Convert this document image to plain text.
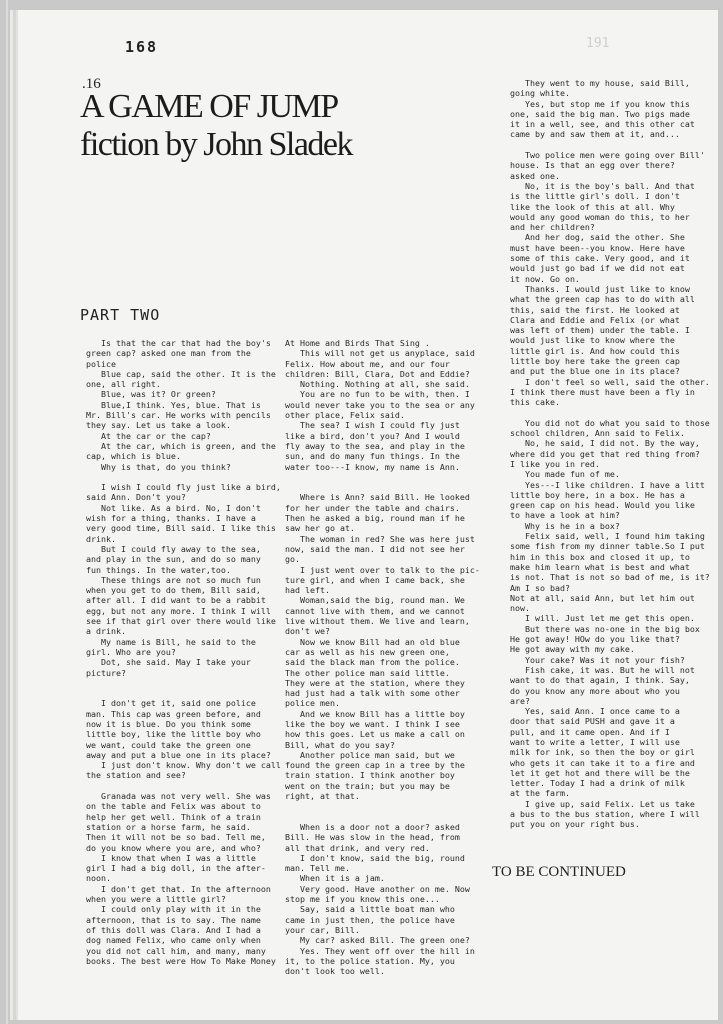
191
168
.16
A GAME OF JUMP
fiction by John Sladek
PART TWO
Is that the car that had the boy's
green cap? asked one man from the
police
Blue cap, said the other. It is the
one, all right.
Blue, was it? Or green?
Blue,I think. Yes, blue. That is
Mr. Bill's car. He works with pencils
they say. Let us take a look.
At the car or the cap?
At the car, which is green, and the
cap, which is blue.
Why is that, do you think?

I wish I could fly just like a bird,
said Ann. Don't you?
Not like. As a bird. No, I don't
wish for a thing, thanks. I have a
very good time, Bill said. I like this
drink.
But I could fly away to the sea,
and play in the sun, and do so many
fun things. In the water,too.
These things are not so much fun
when you get to do them, Bill said,
after all. I did want to be a rabbit
egg, but not any more. I think I will
see if that girl over there would like
a drink.
My name is Bill, he said to the
girl. Who are you?
Dot, she said. May I take your
picture?

I don't get it, said one police
man. This cap was green before, and
now it is blue. Do you think some
little boy, like the little boy who
we want, could take the green one
away and put a blue one in its place?
I just don't know. Why don't we call
the station and see?

Granada was not very well. She was
on the table and Felix was about to
help her get well. Think of a train
station or a horse farm, he said.
Then it will not be so bad. Tell me,
do you know where you are, and who?
I know that when I was a little
girl I had a big doll, in the after-
noon.
I don't get that. In the afternoon
when you were a little girl?
I could only play with it in the
afternoon, that is to say. The name
of this doll was Clara. And I had a
dog named Felix, who came only when
you did not call him, and many, many
books. The best were How To Make Money
At Home and Birds That Sing .
This will not get us anyplace, said
Felix. How about me, and our four
children: Bill, Clara, Dot and Eddie?
Nothing. Nothing at all, she said.
You are no fun to be with, then. I
would never take you to the sea or any
other place, Felix said.
The sea? I wish I could fly just
like a bird, don't you? And I would
fly away to the sea, and play in the
sun, and do many fun things. In the
water too---I know, my name is Ann.

Where is Ann? said Bill. He looked
for her under the table and chairs.
Then he asked a big, round man if he
saw her go at.
The woman in red? She was here just
now, said the man. I did not see her
go.
I just went over to talk to the pic-
ture girl, and when I came back, she
had left.
Woman,said the big, round man. We
cannot live with them, and we cannot
live without them. We live and learn,
don't we?
Now we know Bill had an old blue
car as well as his new green one,
said the black man from the police.
The other police man said little.
They were at the station, where they
had just had a talk with some other
police men.
And we know Bill has a little boy
like the boy we want. I think I see
how this goes. Let us make a call on
Bill, what do you say?
Another police man said, but we
found the green cap in a tree by the
train station. I think another boy
went on the train; but you may be
right, at that.

When is a door not a door? asked
Bill. He was slow in the head, from
all that drink, and very red.
I don't know, said the big, round
man. Tell me.
When it is a jam.
Very good. Have another on me. Now
stop me if you know this one...
Say, said a little boat man who
came in just then, the police have
your car, Bill.
My car? asked Bill. The green one?
Yes. They went off over the hill in
it, to the police station. My, you
don't look too well.
They went to my house, said Bill,
going white.
Yes, but stop me if you know this
one, said the big man. Two pigs made
it in a well, see, and this other cat
came by and saw them at it, and...

Two police men were going over Bill'
house. Is that an egg over there?
asked one.
No, it is the boy's ball. And that
is the little girl's doll. I don't
like the look of this at all. Why
would any good woman do this, to her
and her children?
And her dog, said the other. She
must have been--you know. Here have
some of this cake. Very good, and it
would just go bad if we did not eat
it now. Go on.
Thanks. I would just like to know
what the green cap has to do with all
this, said the first. He looked at
Clara and Eddie and Felix (or what
was left of them) under the table. I
would just like to know where the
little girl is. And how could this
little boy here take the green cap
and put the blue one in its place?
I don't feel so well, said the other.
I think there must have been a fly in
this cake.

You did not do what you said to those
school children, Ann said to Felix.
No, he said, I did not. By the way,
where did you get that red thing from?
I like you in red.
You made fun of me.
Yes---I like children. I have a litt
little boy here, in a box. He has a
green cap on his head. Would you like
to have a look at him?
Why is he in a box?
Felix said, well, I found him taking
some fish from my dinner table.So I put
him in this box and closed it up, to
make him learn what is best and what
is not. That is not so bad of me, is it?
Am I so bad?
Not at all, said Ann, but let him out
now.
I will. Just let me get this open.
But there was no-one in the big box
He got away! HOw do you like that?
He got away with my cake.
Your cake? Was it not your fish?
Fish cake, it was. But he will not
want to do that again, I think. Say,
do you know any more about who you
are?
Yes, said Ann. I once came to a
door that said PUSH and gave it a
pull, and it came open. And if I
want to write a letter, I will use
milk for ink, so then the boy or girl
who gets it can take it to a fire and
let it get hot and there will be the
letter. Today I had a drink of milk
at the farm.
I give up, said Felix. Let us take
a bus to the bus station, where I will
put you on your right bus.
TO BE CONTINUED
